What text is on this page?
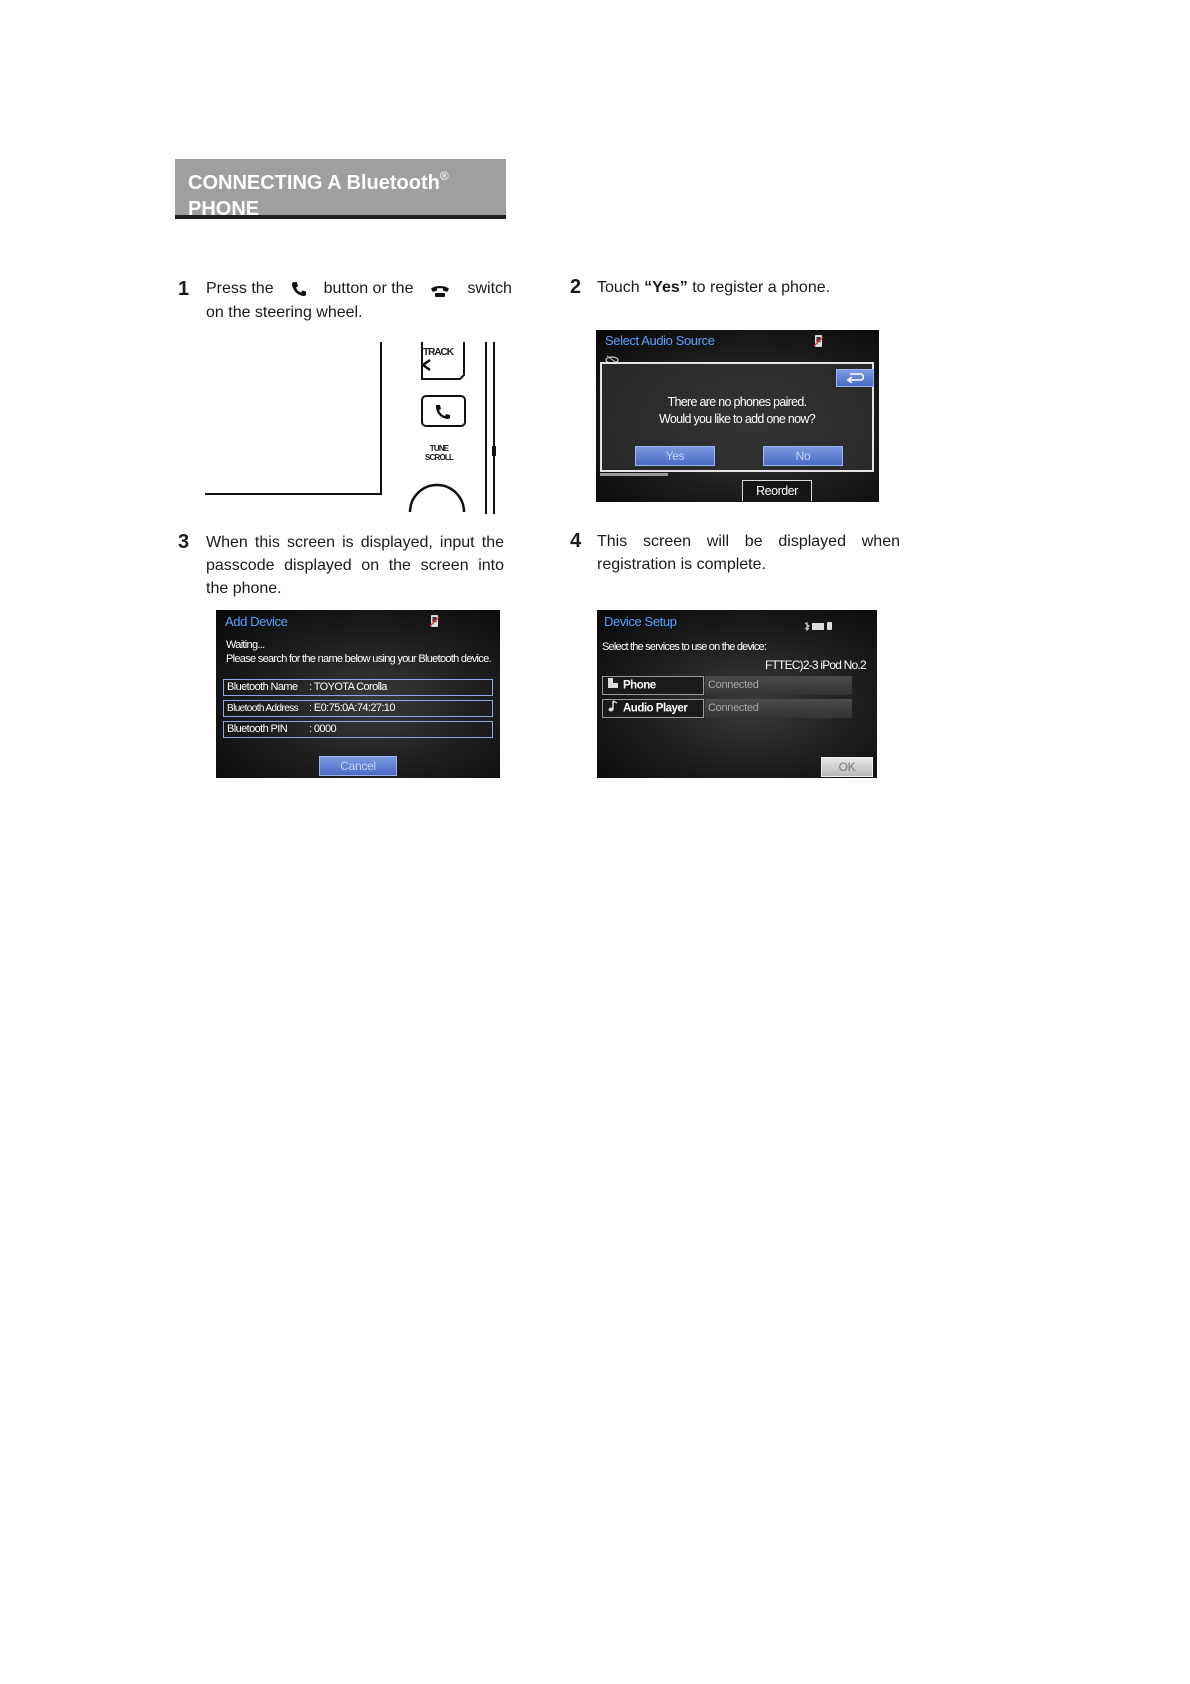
CONNECTING A Bluetooth®
PHONE
1 Press the	button or the	switch
on the steering wheel.
TRACK
TUNE
SCROLL
2 Touch “Yes” to register a phone.
Select Audio Source
There are no phones paired.
Would you like to add one now?
Yes	No
Reorder
3 When this screen is displayed, input the passcode displayed on the screen into the phone.
Add Device
Waiting...
Please search for the name below using your Bluetooth device.
Bluetooth Name : TOYOTA Corolla
Bluetooth Address : E0:75:0A:74:27:10
Bluetooth PIN : 0000
Cancel
4 This screen will be displayed when registration is complete.
Device Setup
Select the services to use on the device:
FTTEC)2-3 iPod No.2
Phone	Connected
Audio Player	Connected
OK
